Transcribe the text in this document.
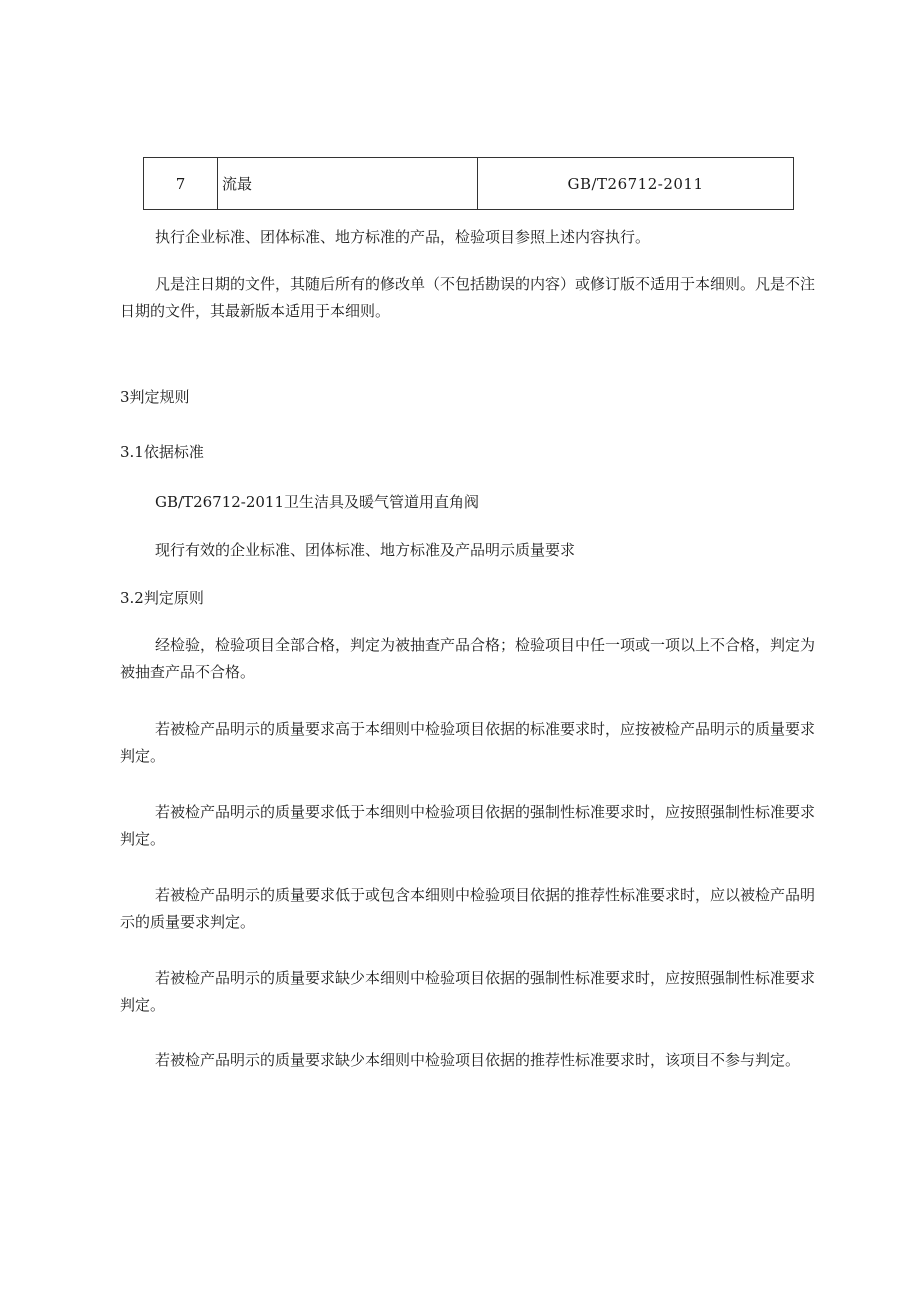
7	流最	GB/T26712-2011

执行企业标准、团体标准、地方标准的产品，检验项目参照上述内容执行。

凡是注日期的文件，其随后所有的修改单（不包括勘误的内容）或修订版不适用于本细则。凡是不注日期的文件，其最新版本适用于本细则。

3判定规则

3.1依据标准

GB/T26712-2011卫生洁具及暖气管道用直角阀

现行有效的企业标准、团体标准、地方标准及产品明示质量要求

3.2判定原则

经检验，检验项目全部合格，判定为被抽查产品合格；检验项目中任一项或一项以上不合格，判定为被抽查产品不合格。

若被检产品明示的质量要求高于本细则中检验项目依据的标准要求时，应按被检产品明示的质量要求判定。

若被检产品明示的质量要求低于本细则中检验项目依据的强制性标准要求时，应按照强制性标准要求判定。

若被检产品明示的质量要求低于或包含本细则中检验项目依据的推荐性标准要求时，应以被检产品明示的质量要求判定。

若被检产品明示的质量要求缺少本细则中检验项目依据的强制性标准要求时，应按照强制性标准要求判定。

若被检产品明示的质量要求缺少本细则中检验项目依据的推荐性标准要求时，该项目不参与判定。
